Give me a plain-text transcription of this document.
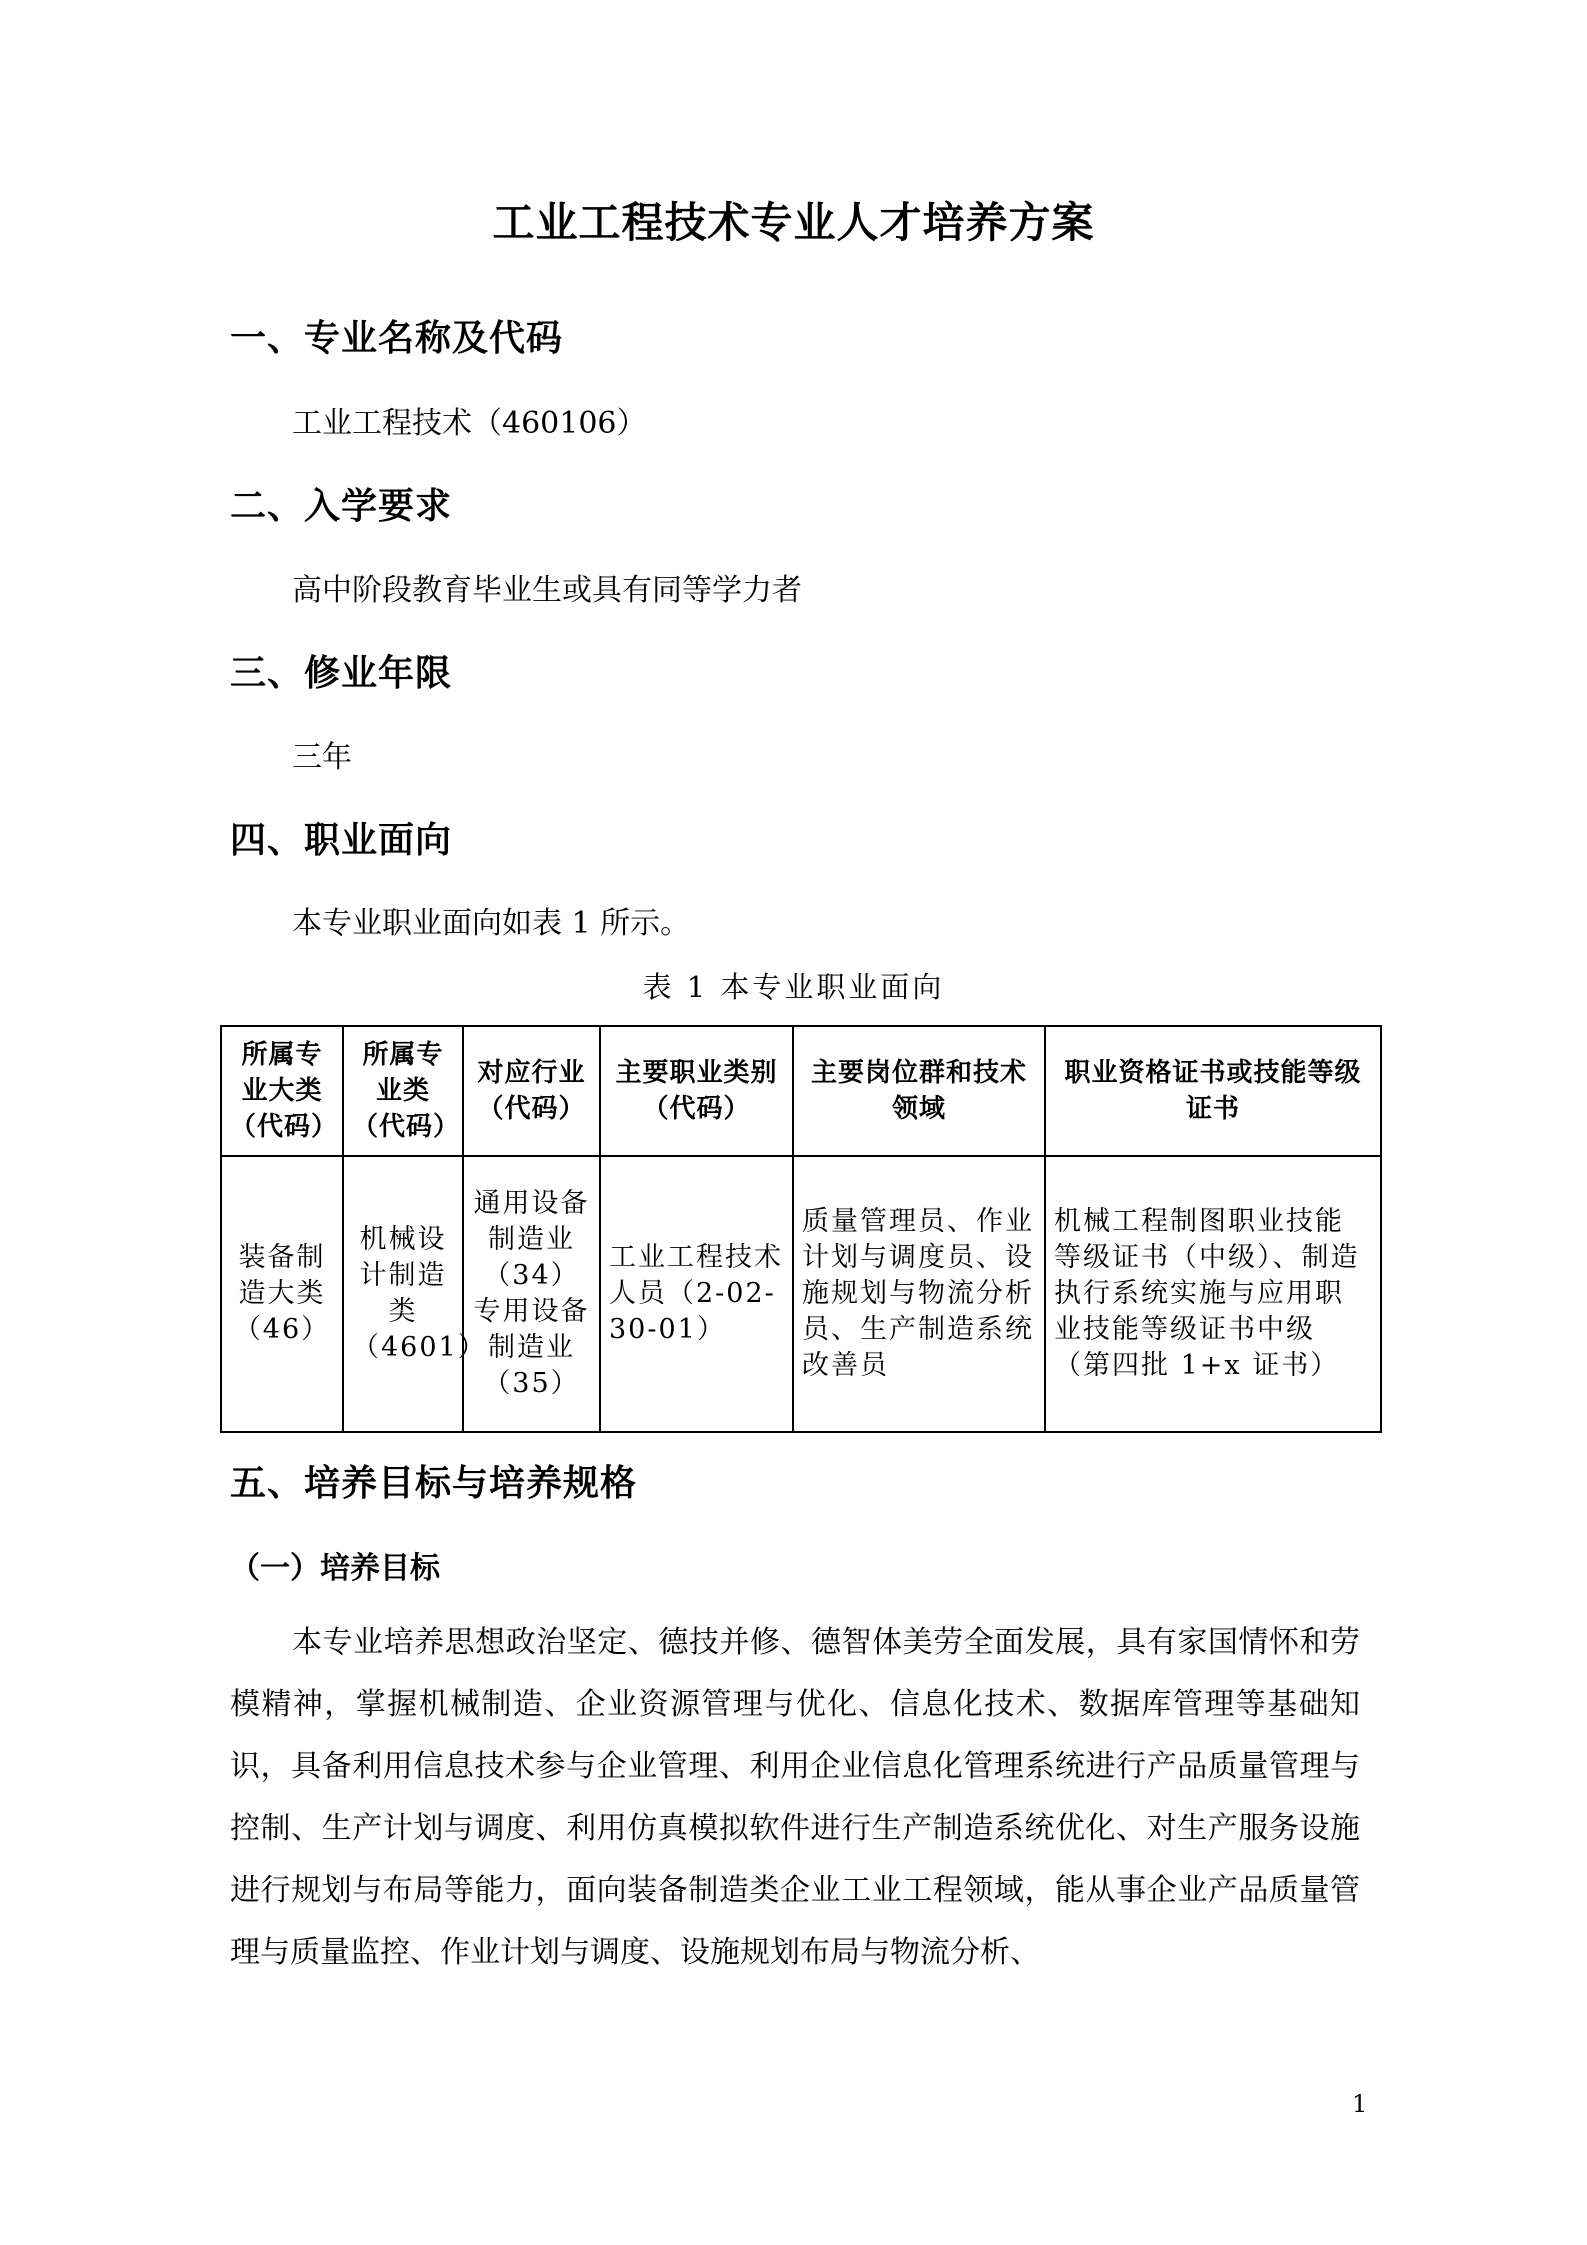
工业工程技术专业人才培养方案
一、专业名称及代码
工业工程技术（460106）
二、入学要求
高中阶段教育毕业生或具有同等学力者
三、修业年限
三年
四、职业面向
本专业职业面向如表 1 所示。
表 1 本专业职业面向
所属专业大类（代码）	所属专业类（代码）	对应行业（代码）	主要职业类别（代码）	主要岗位群和技术领域	职业资格证书或技能等级证书
装备制造大类（46）	机械设计制造类（4601）	通用设备制造业（34）专用设备制造业（35）	工业工程技术人员（2-02-30-01）	质量管理员、作业计划与调度员、设施规划与物流分析员、生产制造系统改善员	机械工程制图职业技能等级证书（中级）、制造执行系统实施与应用职业技能等级证书中级（第四批 1+x 证书）
五、培养目标与培养规格
（一）培养目标
本专业培养思想政治坚定、德技并修、德智体美劳全面发展，具有家国情怀和劳模精神，掌握机械制造、企业资源管理与优化、信息化技术、数据库管理等基础知识，具备利用信息技术参与企业管理、利用企业信息化管理系统进行产品质量管理与控制、生产计划与调度、利用仿真模拟软件进行生产制造系统优化、对生产服务设施进行规划与布局等能力，面向装备制造类企业工业工程领域，能从事企业产品质量管理与质量监控、作业计划与调度、设施规划布局与物流分析、
1
